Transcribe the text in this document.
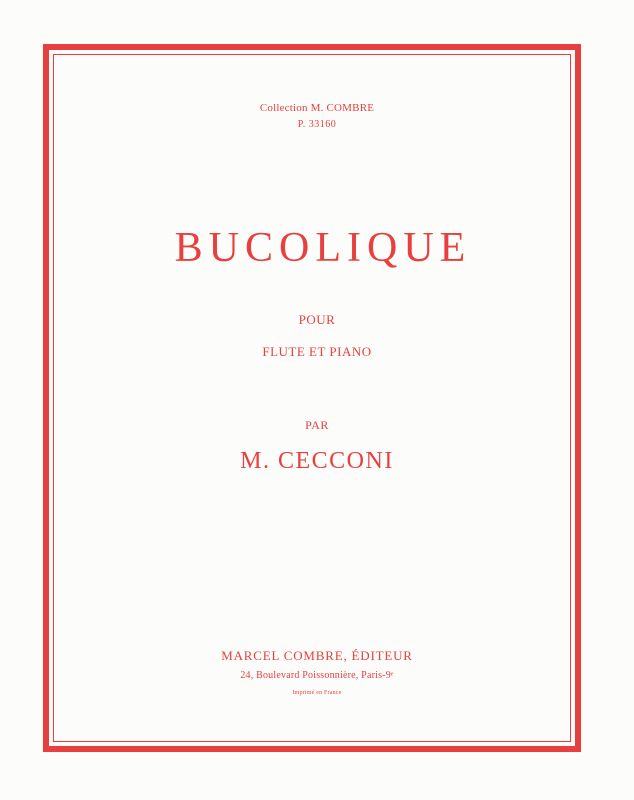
Collection M. COMBRE
P. 33160
BUCOLIQUE
POUR
FLUTE ET PIANO
PAR
M. CECCONI
MARCEL COMBRE, ÉDITEUR
24, Boulevard Poissonnière, Paris-9ᵉ
Imprimé en France
